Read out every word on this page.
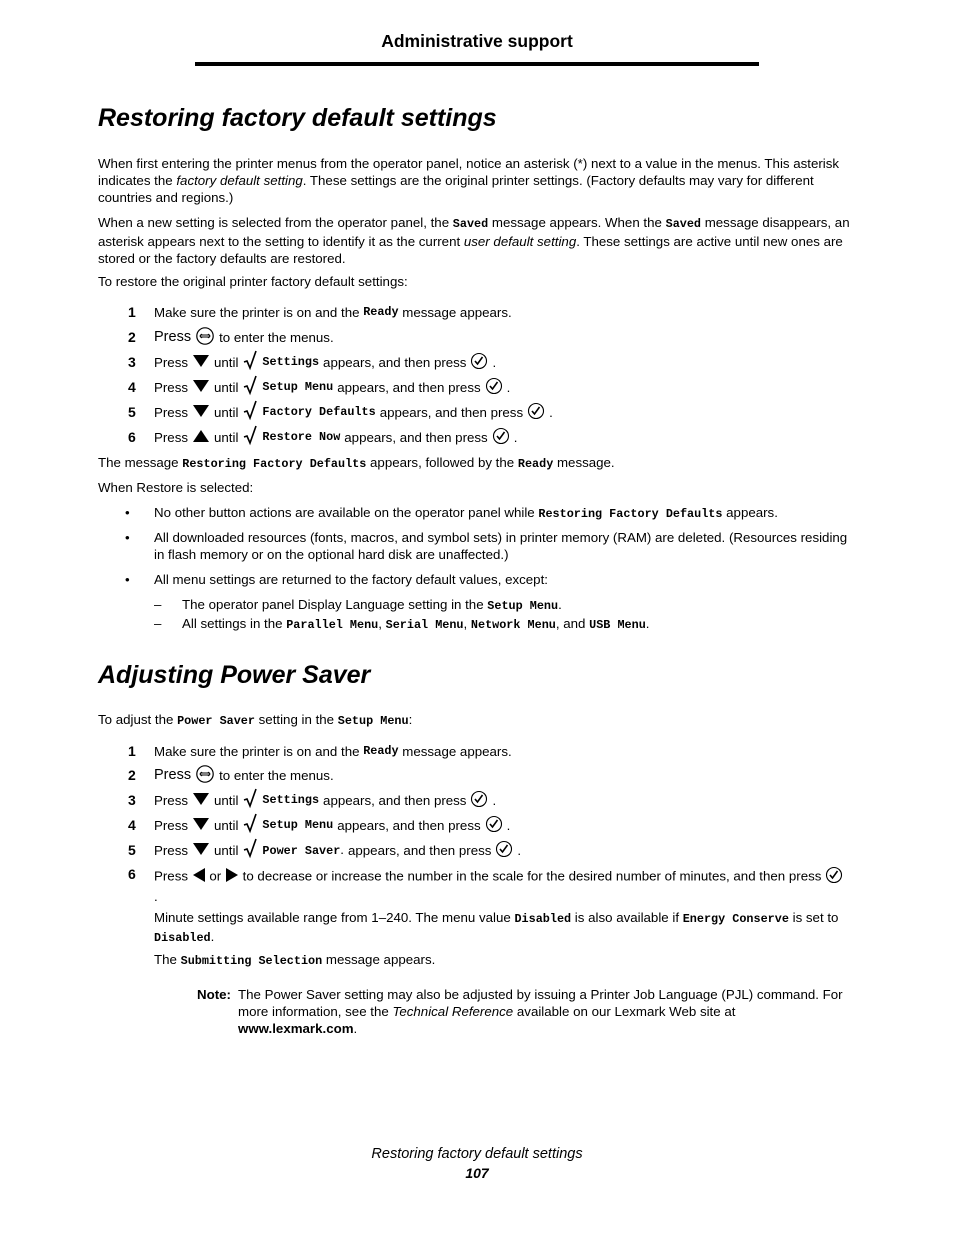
Administrative support
Restoring factory default settings

When first entering the printer menus from the operator panel, notice an asterisk (*) next to a value in the menus. This asterisk indicates the factory default setting. These settings are the original printer settings. (Factory defaults may vary for different countries and regions.)

When a new setting is selected from the operator panel, the Saved message appears. When the Saved message disappears, an asterisk appears next to the setting to identify it as the current user default setting. These settings are active until new ones are stored or the factory defaults are restored.

To restore the original printer factory default settings:

1	Make sure the printer is on and the Ready message appears.
2	Press to enter the menus.
3	Press until Settings appears, and then press .
4	Press until Setup Menu appears, and then press .
5	Press until Factory Defaults appears, and then press .
6	Press until Restore Now appears, and then press .

The message Restoring Factory Defaults appears, followed by the Ready message.

When Restore is selected:

• No other button actions are available on the operator panel while Restoring Factory Defaults appears.
• All downloaded resources (fonts, macros, and symbol sets) in printer memory (RAM) are deleted. (Resources residing in flash memory or on the optional hard disk are unaffected.)
• All menu settings are returned to the factory default values, except:
– The operator panel Display Language setting in the Setup Menu.
– All settings in the Parallel Menu, Serial Menu, Network Menu, and USB Menu.
Adjusting Power Saver

To adjust the Power Saver setting in the Setup Menu:

1	Make sure the printer is on and the Ready message appears.
2	Press to enter the menus.
3	Press until Settings appears, and then press .
4	Press until Setup Menu appears, and then press .
5	Press until Power Saver. appears, and then press .
6 Press or to decrease or increase the number in the scale for the desired number of minutes, and then press .

Minute settings available range from 1–240. The menu value Disabled is also available if Energy Conserve is set to Disabled.

The Submitting Selection message appears.

Note: The Power Saver setting may also be adjusted by issuing a Printer Job Language (PJL) command. For more information, see the Technical Reference available on our Lexmark Web site at www.lexmark.com.
Restoring factory default settings
107
